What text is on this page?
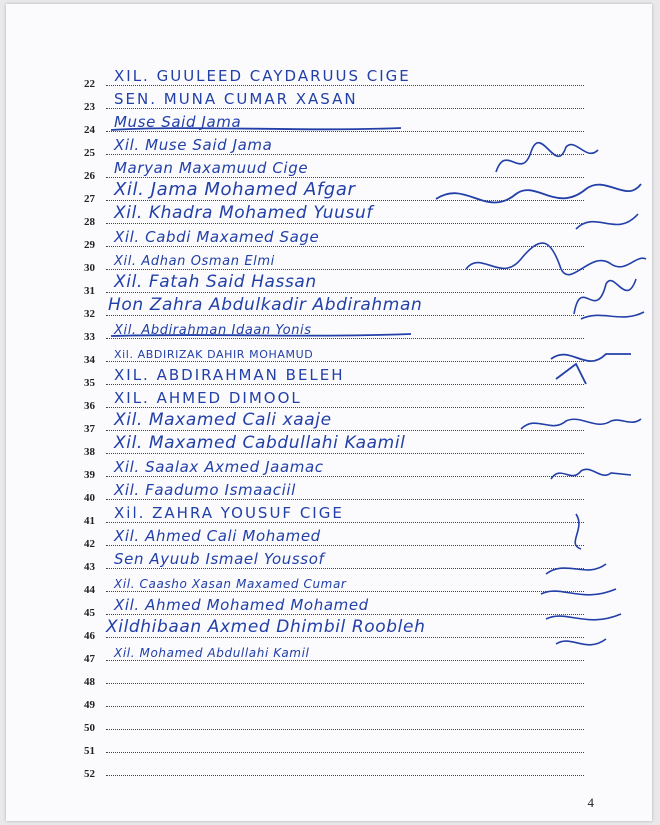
22 XIL. GUULEED CAYDARUUS CIGE
23 SEN. MUNA CUMAR XASAN
24 Muse Said Jama
25 Xil. Muse Said Jama
26 Maryan Maxamuud Cige
27 Xil. Jama Mohamed Afgar
28 Xil. Khadra Mohamed Yuusuf
29 Xil. Cabdi Maxamed Sage
30 Xil. Adhan Osman Elmi
31 Xil. Fatah Said Hassan
32 Hon Zahra Abdulkadir Abdirahman
33 Xil. Abdirahman Idaan Yonis
34 Xil. ABDIRIZAK DAHIR MOHAMUD
35 XIL. ABDIRAHMAN BELEH
36 XIL. AHMED DIMOOL
37 Xil. Maxamed Cali xaaje
38 Xil. Maxamed Cabdullahi Kaamil
39 Xil. Saalax Axmed Jaamac
40 Xil. Faadumo Ismaaciil
41 Xil. ZAHRA YOUSUF CIGE
42 Xil. Ahmed Cali Mohamed
43 Sen Ayuub Ismael Youssof
44 Xil. Caasho Xasan Maxamed Cumar
45 Xil. Ahmed Mohamed Mohamed
46 Xildhibaan Axmed Dhimbil Roobleh
47 Xil. Mohamed Abdullahi Kamil
48
49
50
51
52
4
